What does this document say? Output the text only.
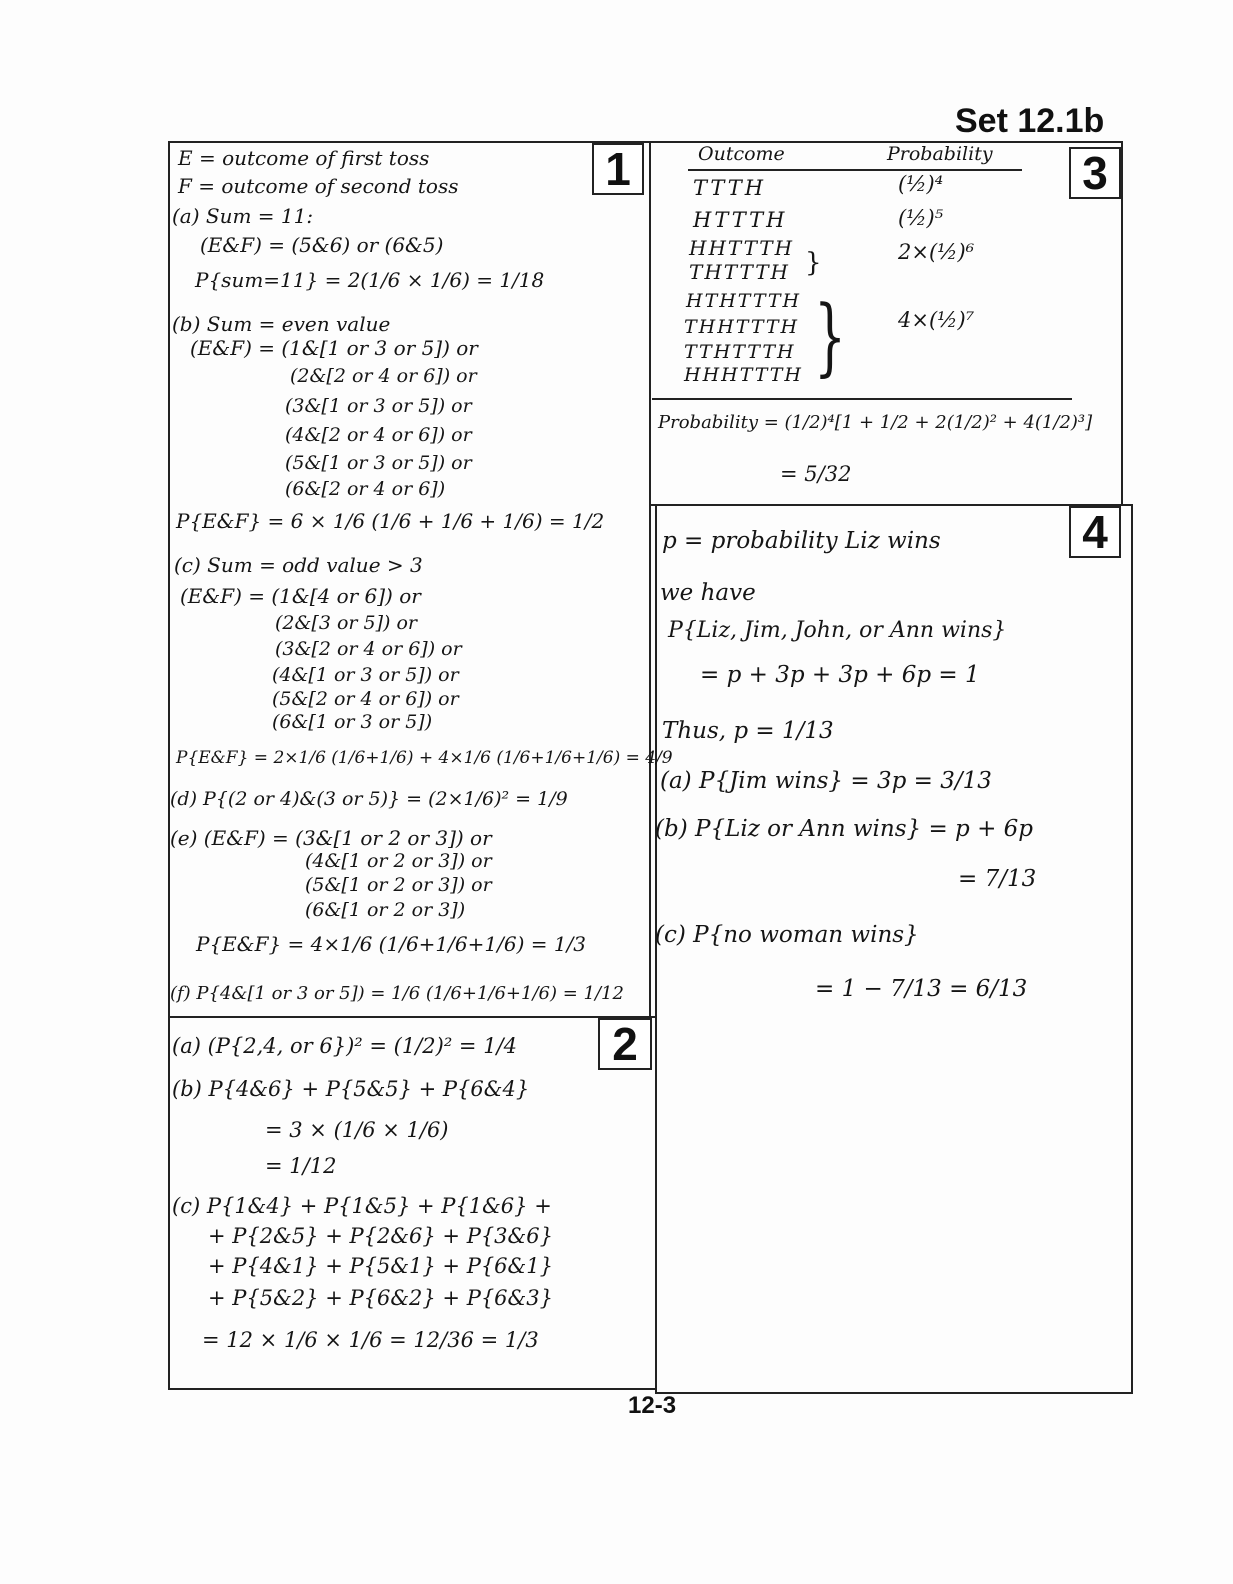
Set 12.1b
12-3
1
2
3
4

E = outcome of first toss

F = outcome of second toss

(a) Sum = 11:

(E&F) = (5&6) or (6&5)

P{sum=11} = 2(1/6 × 1/6) = 1/18

(b) Sum = even value

(E&F) = (1&[1 or 3 or 5]) or

(2&[2 or 4 or 6]) or

(3&[1 or 3 or 5]) or

(4&[2 or 4 or 6]) or

(5&[1 or 3 or 5]) or

(6&[2 or 4 or 6])

P{E&F} = 6 × 1/6 (1/6 + 1/6 + 1/6) = 1/2

(c) Sum = odd value > 3

(E&F) = (1&[4 or 6]) or

(2&[3 or 5]) or

(3&[2 or 4 or 6]) or

(4&[1 or 3 or 5]) or

(5&[2 or 4 or 6]) or

(6&[1 or 3 or 5])

P{E&F} = 2×1/6 (1/6+1/6) + 4×1/6 (1/6+1/6+1/6) = 4/9

(d) P{(2 or 4)&(3 or 5)} = (2×1/6)² = 1/9

(e) (E&F) = (3&[1 or 2 or 3]) or

(4&[1 or 2 or 3]) or

(5&[1 or 2 or 3]) or

(6&[1 or 2 or 3])

P{E&F} = 4×1/6 (1/6+1/6+1/6) = 1/3

(f) P{4&[1 or 3 or 5]) = 1/6 (1/6+1/6+1/6) = 1/12

(a) (P{2,4, or 6})² = (1/2)² = 1/4

(b) P{4&6} + P{5&5} + P{6&4}

= 3 × (1/6 × 1/6)

= 1/12

(c) P{1&4} + P{1&5} + P{1&6} +

+ P{2&5} + P{2&6} + P{3&6}

+ P{4&1} + P{5&1} + P{6&1}

+ P{5&2} + P{6&2} + P{6&3}

= 12 × 1/6 × 1/6 = 12/36 = 1/3

Outcome	Probability

TTTH

HTTTH

HHTTTH

THTTTH

HTHTTTH

THHTTTH

TTHTTTH

HHHTTTH

}
}

(½)⁴

(½)⁵

2×(½)⁶

4×(½)⁷

Probability = (1/2)⁴[1 + 1/2 + 2(1/2)² + 4(1/2)³]

= 5/32

p = probability Liz wins

we have

P{Liz, Jim, John, or Ann wins}

= p + 3p + 3p + 6p = 1

Thus, p = 1/13

(a) P{Jim wins} = 3p = 3/13

(b) P{Liz or Ann wins} = p + 6p

= 7/13

(c) P{no woman wins}

= 1 − 7/13 = 6/13
